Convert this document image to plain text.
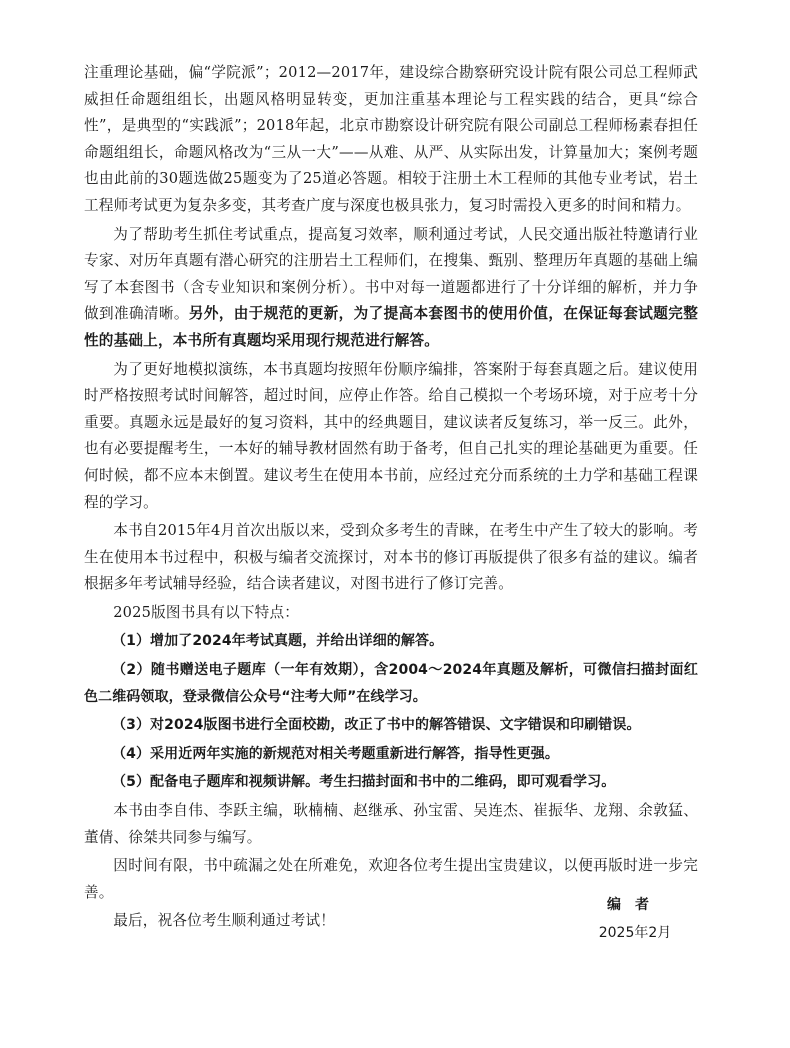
注重理论基础，偏“学院派”；2012—2017年，建设综合勘察研究设计院有限公司总工程师武威担任命题组组长，出题风格明显转变，更加注重基本理论与工程实践的结合，更具“综合性”，是典型的“实践派”；2018年起，北京市勘察设计研究院有限公司副总工程师杨素春担任命题组组长，命题风格改为“三从一大”——从难、从严、从实际出发，计算量加大；案例考题也由此前的30题选做25题变为了25道必答题。相较于注册土木工程师的其他专业考试，岩土工程师考试更为复杂多变，其考查广度与深度也极具张力，复习时需投入更多的时间和精力。

为了帮助考生抓住考试重点，提高复习效率，顺利通过考试，人民交通出版社特邀请行业专家、对历年真题有潜心研究的注册岩土工程师们，在搜集、甄别、整理历年真题的基础上编写了本套图书（含专业知识和案例分析）。书中对每一道题都进行了十分详细的解析，并力争做到准确清晰。另外，由于规范的更新，为了提高本套图书的使用价值，在保证每套试题完整性的基础上，本书所有真题均采用现行规范进行解答。

为了更好地模拟演练，本书真题均按照年份顺序编排，答案附于每套真题之后。建议使用时严格按照考试时间解答，超过时间，应停止作答。给自己模拟一个考场环境，对于应考十分重要。真题永远是最好的复习资料，其中的经典题目，建议读者反复练习，举一反三。此外，也有必要提醒考生，一本好的辅导教材固然有助于备考，但自己扎实的理论基础更为重要。任何时候，都不应本末倒置。建议考生在使用本书前，应经过充分而系统的土力学和基础工程课程的学习。

本书自2015年4月首次出版以来，受到众多考生的青睐，在考生中产生了较大的影响。考生在使用本书过程中，积极与编者交流探讨，对本书的修订再版提供了很多有益的建议。编者根据多年考试辅导经验，结合读者建议，对图书进行了修订完善。

2025版图书具有以下特点：

（1）增加了2024年考试真题，并给出详细的解答。

（2）随书赠送电子题库（一年有效期），含2004～2024年真题及解析，可微信扫描封面红色二维码领取，登录微信公众号“注考大师”在线学习。

（3）对2024版图书进行全面校勘，改正了书中的解答错误、文字错误和印刷错误。

（4）采用近两年实施的新规范对相关考题重新进行解答，指导性更强。

（5）配备电子题库和视频讲解。考生扫描封面和书中的二维码，即可观看学习。

本书由李自伟、李跃主编，耿楠楠、赵继承、孙宝雷、吴连杰、崔振华、龙翔、余敦猛、董倩、徐桀共同参与编写。

因时间有限，书中疏漏之处在所难免，欢迎各位考生提出宝贵建议，以便再版时进一步完善。

最后，祝各位考生顺利通过考试！

编者
2025年2月
